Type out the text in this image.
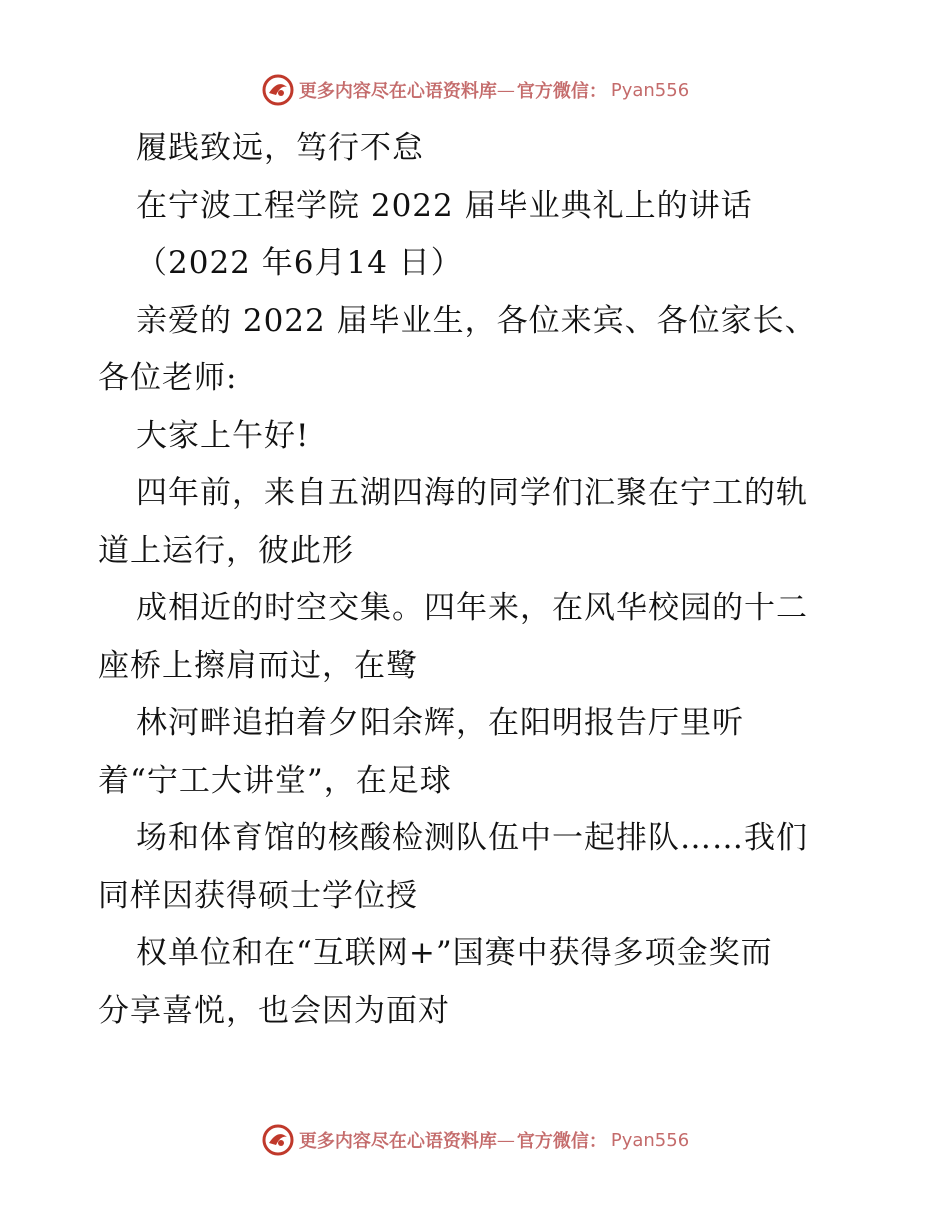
更多内容尽在心语资料库 — 官方微信： Pyan556
履践致远，笃行不怠
在宁波工程学院 2022 届毕业典礼上的讲话
（2022 年6月14 日）
亲爱的 2022 届毕业生，各位来宾、各位家长、
各位老师:
大家上午好!
四年前，来自五湖四海的同学们汇聚在宁工的轨
道上运行，彼此形
成相近的时空交集。四年来，在风华校园的十二
座桥上擦肩而过，在鹭
林河畔追拍着夕阳余辉，在阳明报告厅里听
着“宁工大讲堂”，在足球
场和体育馆的核酸检测队伍中一起排队……我们
同样因获得硕士学位授
权单位和在“互联网+”国赛中获得多项金奖而
分享喜悦，也会因为面对
更多内容尽在心语资料库 — 官方微信： Pyan556
